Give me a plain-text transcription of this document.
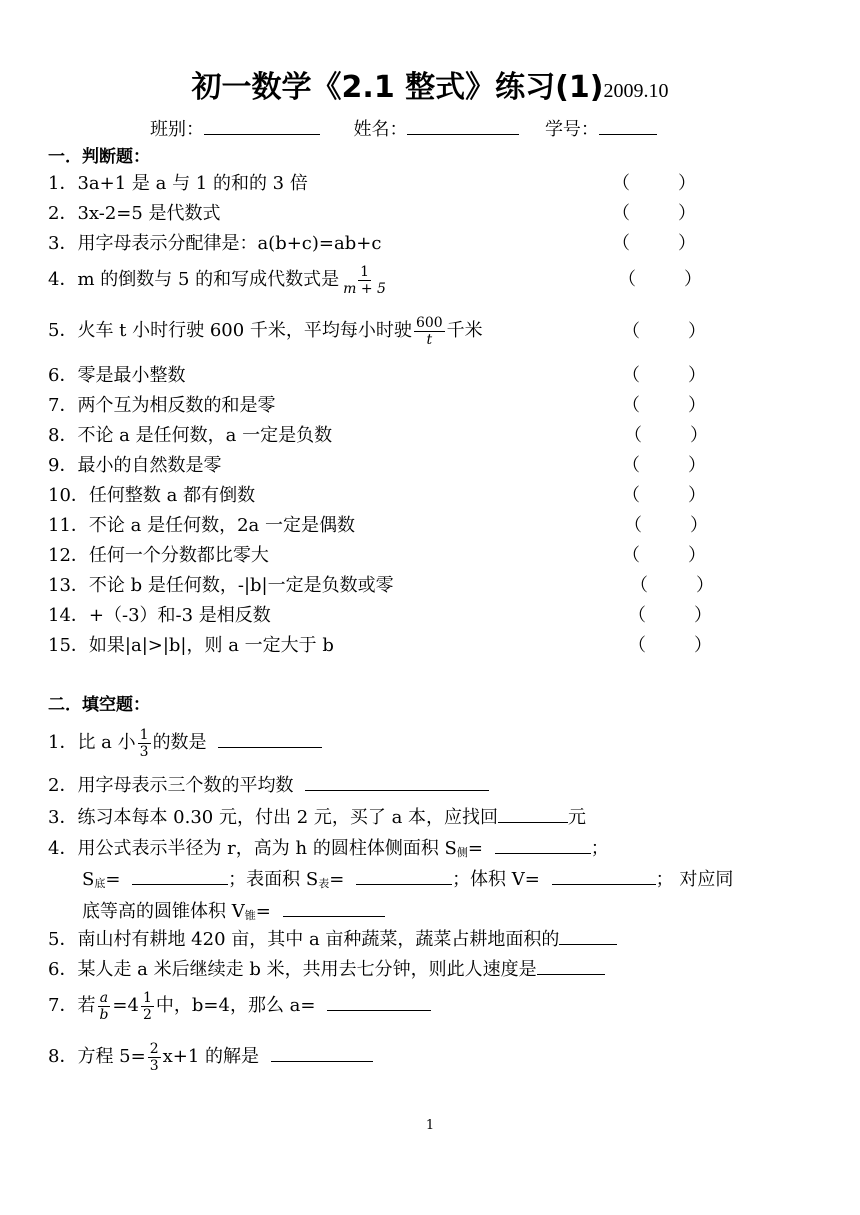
初一数学《2.1 整式》练习(1)2009.10
班别：	姓名：	学号：
一．判断题：
1．3a+1 是 a 与 1 的和的 3 倍	（	）
2．3x-2=5 是代数式	（	）
3．用字母表示分配律是：a(b+c)=ab+c	（	）
4．m 的倒数与 5 的和写成代数式是 $\frac{1}{m + 5}$	（	）
5．火车 t 小时行驶 600 千米，平均每小时驶 $\frac{600}{t}$ 千米	（	）
6．零是最小整数	（	）
7．两个互为相反数的和是零	（	）
8．不论 a 是任何数，a 一定是负数	（	）
9．最小的自然数是零	（	）
10．任何整数 a 都有倒数	（	）
11．不论 a 是任何数，2a 一定是偶数	（	）
12．任何一个分数都比零大	（	）
13．不论 b 是任何数，-|b|一定是负数或零	（	）
14．+（-3）和-3 是相反数	（	）
15．如果|a|>|b|，则 a 一定大于 b	（	）
二．填空题：
1．比 a 小 $\frac{1}{3}$ 的数是
2．用字母表示三个数的平均数
3．练习本每本 0.30 元，付出 2 元，买了 a 本，应找回	元
4．用公式表示半径为 r，高为 h 的圆柱体侧面积 S侧=	；
S底=	；表面积 S表=	；体积 V=	； 对应同
底等高的圆锥体积 V锥=
5．南山村有耕地 420 亩，其中 a 亩种蔬菜，蔬菜占耕地面积的
6．某人走 a 米后继续走 b 米，共用去七分钟，则此人速度是
7．若 $\frac{a}{b} =4 \frac{1}{2}$ 中，b=4，那么 a=
8．方程 $5= \frac{2}{3} x+1$ 的解是
1
